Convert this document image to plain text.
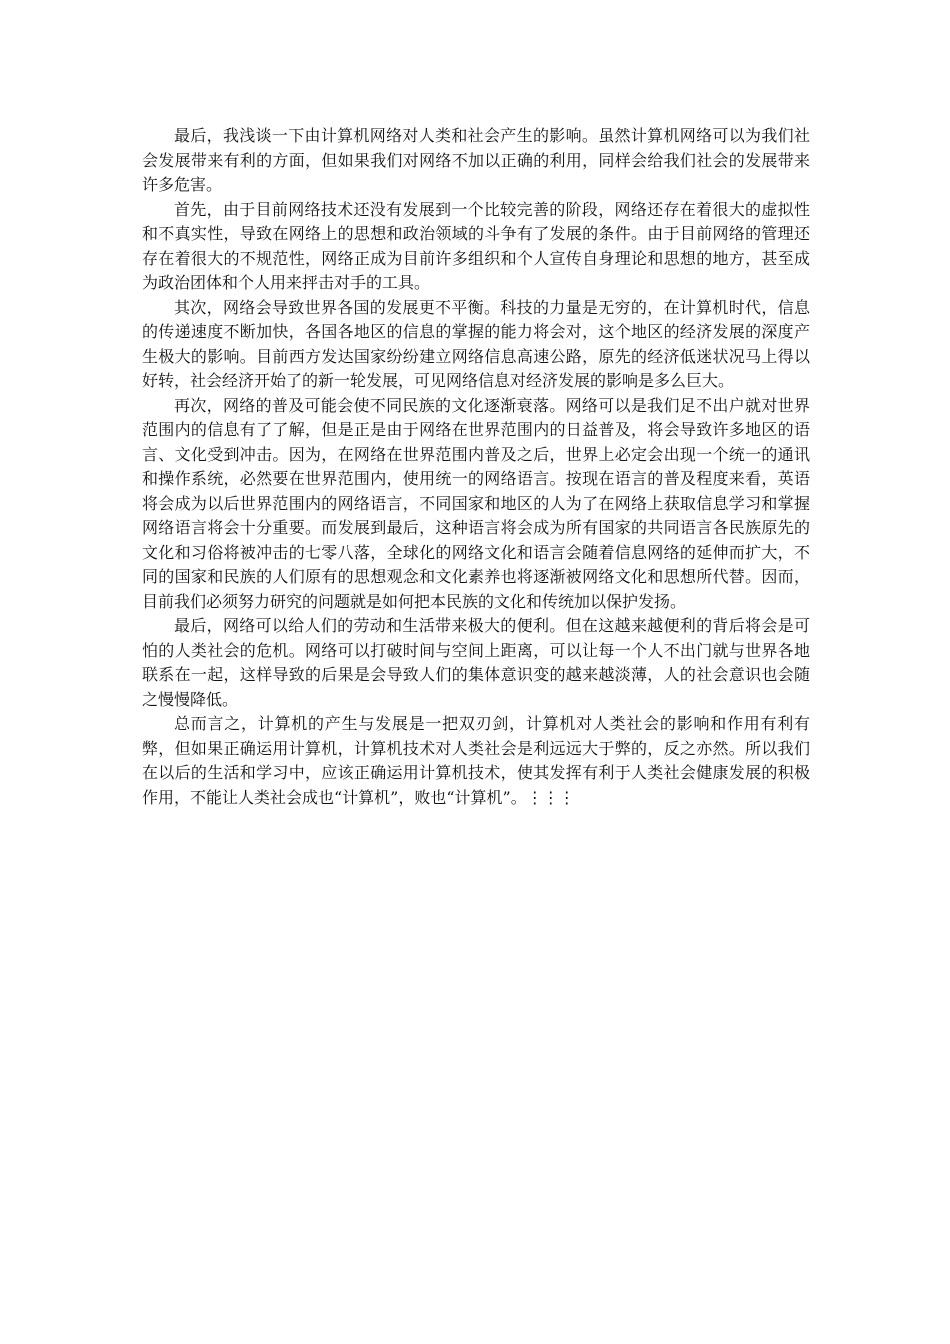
最后，我浅谈一下由计算机网络对人类和社会产生的影响。虽然计算机网络可以为我们社会发展带来有利的方面，但如果我们对网络不加以正确的利用，同样会给我们社会的发展带来许多危害。

首先，由于目前网络技术还没有发展到一个比较完善的阶段，网络还存在着很大的虚拟性和不真实性，导致在网络上的思想和政治领域的斗争有了发展的条件。由于目前网络的管理还存在着很大的不规范性，网络正成为目前许多组织和个人宣传自身理论和思想的地方，甚至成为政治团体和个人用来抨击对手的工具。

其次，网络会导致世界各国的发展更不平衡。科技的力量是无穷的，在计算机时代，信息的传递速度不断加快，各国各地区的信息的掌握的能力将会对，这个地区的经济发展的深度产生极大的影响。目前西方发达国家纷纷建立网络信息高速公路，原先的经济低迷状况马上得以好转，社会经济开始了的新一轮发展，可见网络信息对经济发展的影响是多么巨大。

再次，网络的普及可能会使不同民族的文化逐渐衰落。网络可以是我们足不出户就对世界范围内的信息有了了解，但是正是由于网络在世界范围内的日益普及，将会导致许多地区的语言、文化受到冲击。因为，在网络在世界范围内普及之后，世界上必定会出现一个统一的通讯和操作系统，必然要在世界范围内，使用统一的网络语言。按现在语言的普及程度来看，英语将会成为以后世界范围内的网络语言，不同国家和地区的人为了在网络上获取信息学习和掌握网络语言将会十分重要。而发展到最后，这种语言将会成为所有国家的共同语言各民族原先的文化和习俗将被冲击的七零八落，全球化的网络文化和语言会随着信息网络的延伸而扩大，不同的国家和民族的人们原有的思想观念和文化素养也将逐渐被网络文化和思想所代替。因而，目前我们必须努力研究的问题就是如何把本民族的文化和传统加以保护发扬。

最后，网络可以给人们的劳动和生活带来极大的便利。但在这越来越便利的背后将会是可怕的人类社会的危机。网络可以打破时间与空间上距离，可以让每一个人不出门就与世界各地联系在一起，这样导致的后果是会导致人们的集体意识变的越来越淡薄，人的社会意识也会随之慢慢降低。

总而言之，计算机的产生与发展是一把双刃剑，计算机对人类社会的影响和作用有利有弊，但如果正确运用计算机，计算机技术对人类社会是利远远大于弊的，反之亦然。所以我们在以后的生活和学习中，应该正确运用计算机技术，使其发挥有利于人类社会健康发展的积极作用，不能让人类社会成也“计算机”，败也“计算机”。⋮⋮⋮
